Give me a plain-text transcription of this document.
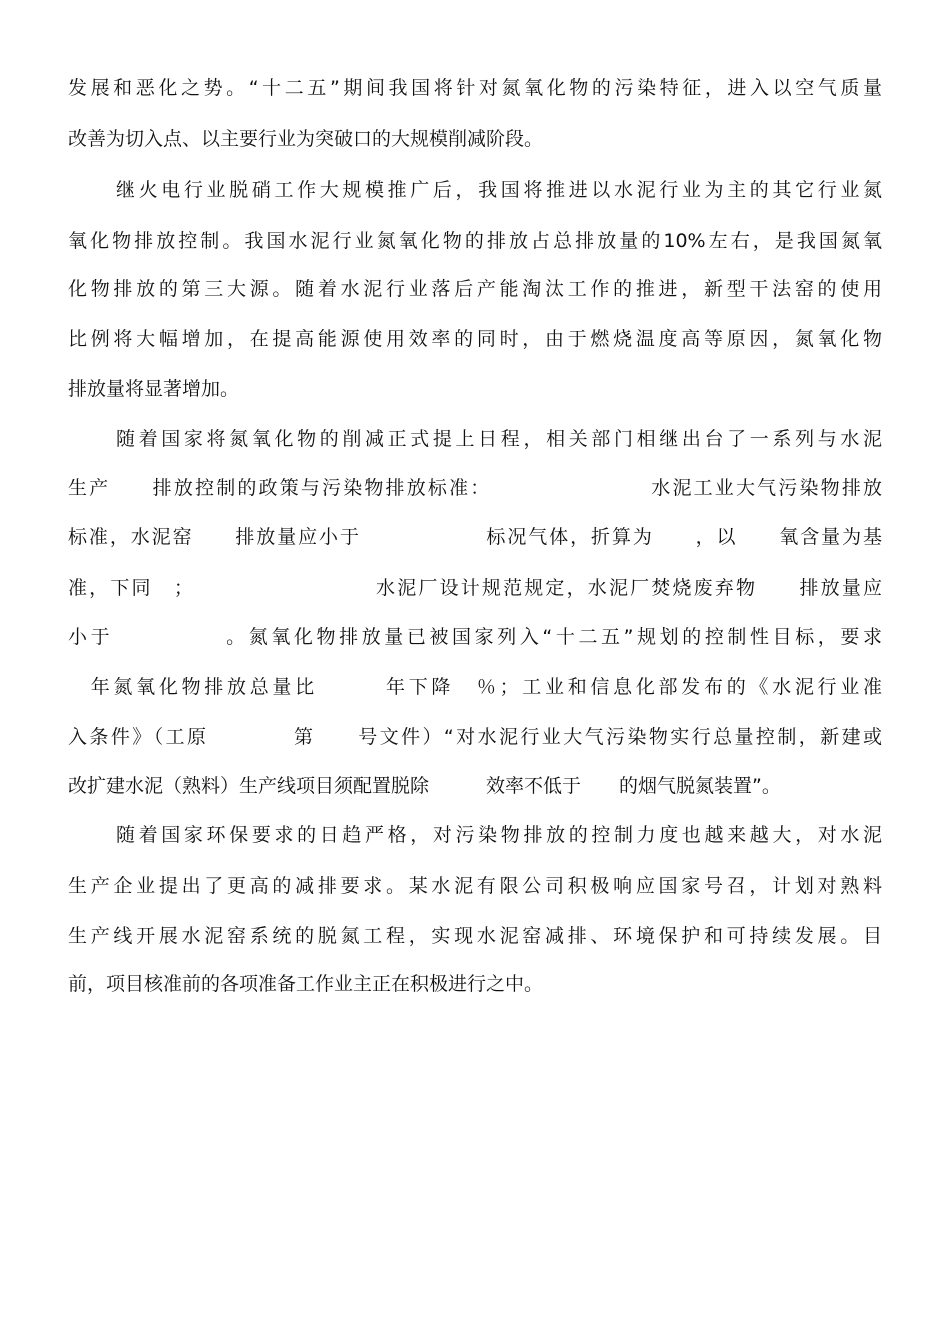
发展和恶化之势。“十二五”期间我国将针对氮氧化物的污染特征，进入以空气质量
改善为切入点、以主要行业为突破口的大规模削减阶段。
继火电行业脱硝工作大规模推广后，我国将推进以水泥行业为主的其它行业氮
氧化物排放控制。我国水泥行业氮氧化物的排放占总排放量的10%左右，是我国氮氧
化物排放的第三大源。随着水泥行业落后产能淘汰工作的推进，新型干法窑的使用
比例将大幅增加，在提高能源使用效率的同时，由于燃烧温度高等原因，氮氧化物
排放量将显著增加。
随着国家将氮氧化物的削减正式提上日程，相关部门相继出台了一系列与水泥
生产　　排放控制的政策与污染物排放标准：　　　　　　　　水泥工业大气污染物排放
标准，水泥窑　　排放量应小于　　　　　　标况气体，折算为　　，以　　氧含量为基
准，下同　；　　　　　　　　　水泥厂设计规范规定，水泥厂焚烧废弃物　　排放量应
小于　　　　　。氮氧化物排放量已被国家列入“十二五”规划的控制性目标，要求
　年氮氧化物排放总量比　　　年下降　％；工业和信息化部发布的《水泥行业准
入条件》（工原　　　　第　　号文件）“对水泥行业大气污染物实行总量控制，新建或
改扩建水泥（熟料）生产线项目须配置脱除　　　效率不低于　　的烟气脱氮装置”。
随着国家环保要求的日趋严格，对污染物排放的控制力度也越来越大，对水泥
生产企业提出了更高的减排要求。某水泥有限公司积极响应国家号召，计划对熟料
生产线开展水泥窑系统的脱氮工程，实现水泥窑减排、环境保护和可持续发展。目
前，项目核准前的各项准备工作业主正在积极进行之中。
